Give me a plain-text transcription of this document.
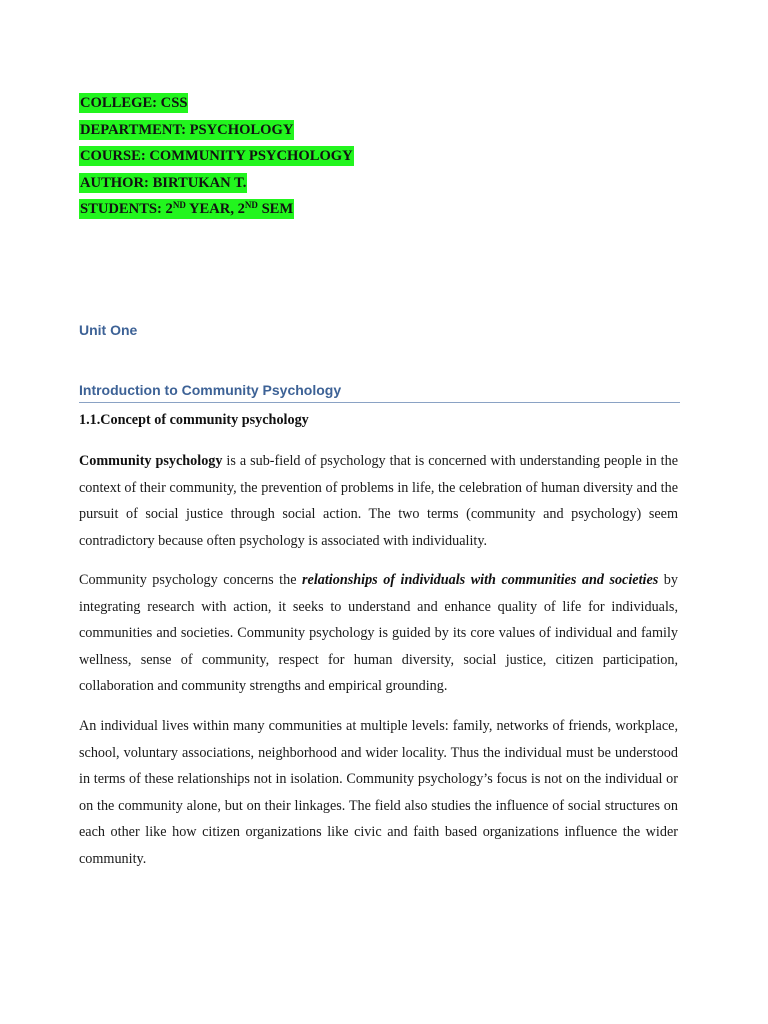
COLLEGE: CSS
DEPARTMENT: PSYCHOLOGY
COURSE: COMMUNITY PSYCHOLOGY
AUTHOR: BIRTUKAN T.
STUDENTS: 2ND YEAR, 2ND SEM
Unit One
Introduction to Community Psychology
1.1.Concept of community psychology

Community psychology is a sub-field of psychology that is concerned with understanding people in the context of their community, the prevention of problems in life, the celebration of human diversity and the pursuit of social justice through social action. The two terms (community and psychology) seem contradictory because often psychology is associated with individuality.

Community psychology concerns the relationships of individuals with communities and societies by integrating research with action, it seeks to understand and enhance quality of life for individuals, communities and societies. Community psychology is guided by its core values of individual and family wellness, sense of community, respect for human diversity, social justice, citizen participation, collaboration and community strengths and empirical grounding.

An individual lives within many communities at multiple levels: family, networks of friends, workplace, school, voluntary associations, neighborhood and wider locality. Thus the individual must be understood in terms of these relationships not in isolation. Community psychology’s focus is not on the individual or on the community alone, but on their linkages. The field also studies the influence of social structures on each other like how citizen organizations like civic and faith based organizations influence the wider community.
